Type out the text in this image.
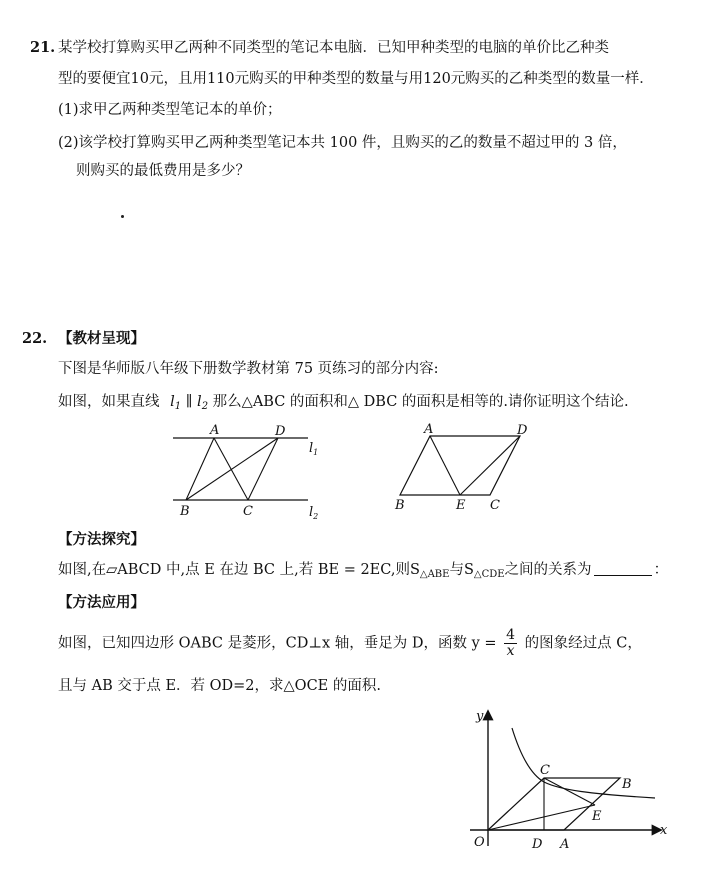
21. 某学校打算购买甲乙两种不同类型的笔记本电脑．已知甲种类型的电脑的单价比乙种类
型的要便宜10元，且用110元购买的甲种类型的数量与用120元购买的乙种类型的数量一样．
(1)求甲乙两种类型笔记本的单价；
(2)该学校打算购买甲乙两种类型笔记本共 100 件，且购买的乙的数量不超过甲的 3 倍，
则购买的最低费用是多少？
22. 【教材呈现】
下图是华师版八年级下册数学教材第 75 页练习的部分内容:
如图，如果直线 $l_1$ ∥ $l_2$ 那么△ABC 的面积和△ DBC 的面积是相等的.请你证明这个结论.
A	D
B	C
$l_1$
$l_2$
A	D
B	E C
【方法探究】
如图,在▱ABCD 中,点 E 在边 BC 上,若 BE = 2EC,则$S_{\triangle ABE}$与$S_{\triangle CDE}$之间的关系为	：
【方法应用】
如图，已知四边形 OABC 是菱形，CD⊥x 轴，垂足为 D，函数 $y = \frac{4}{x}$ 的图象经过点 C，
且与 AB 交于点 E．若 OD=2，求△OCE 的面积.
y
x
O
C
B
E
D A
